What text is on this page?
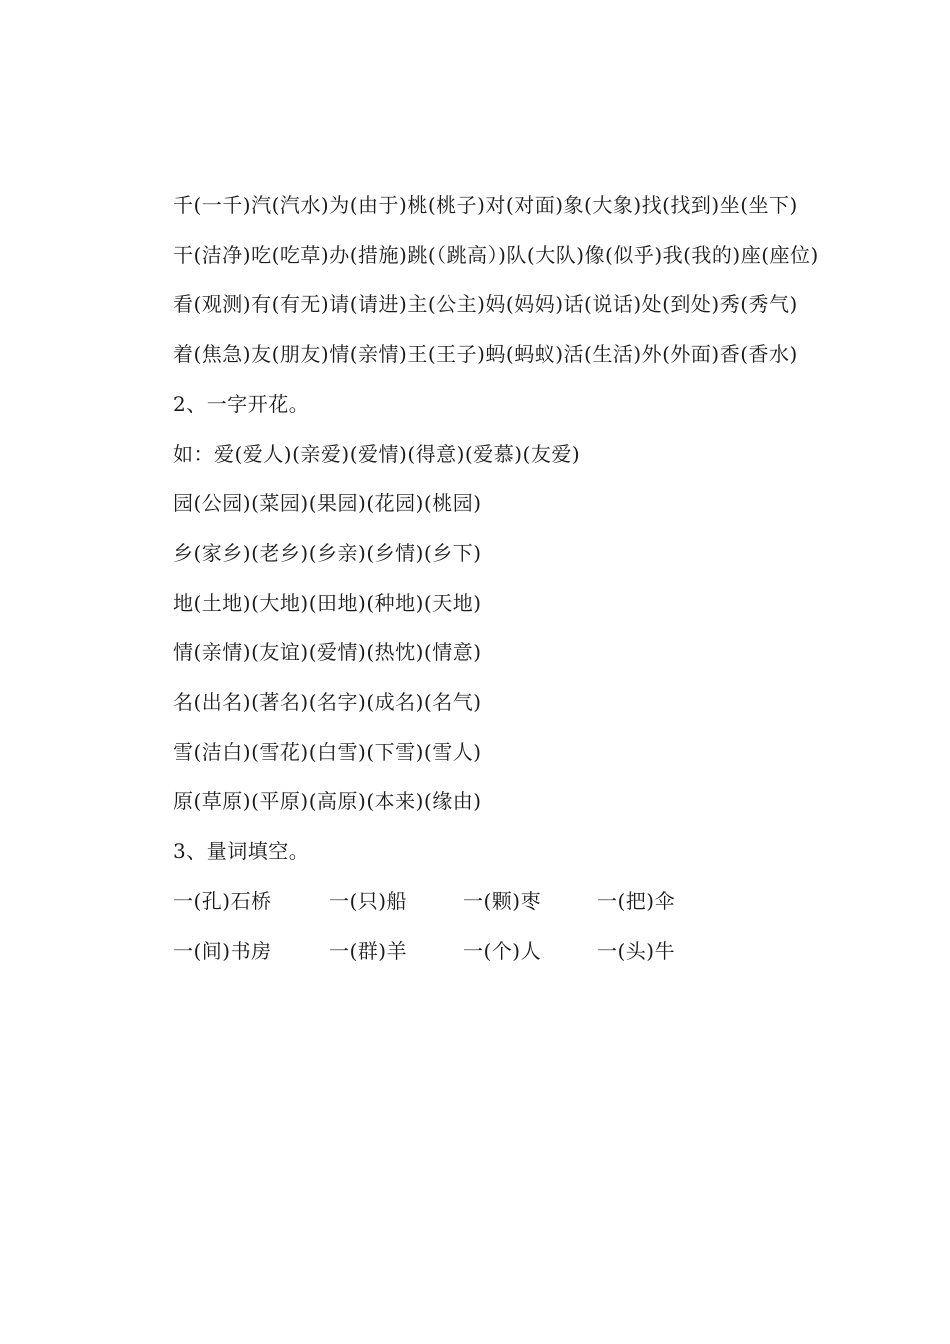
千(一千)汽(汽水)为(由于)桃(桃子)对(对面)象(大象)找(找到)坐(坐下)

干(洁净)吃(吃草)办(措施)跳(（跳高）)队(大队)像(似乎)我(我的)座(座位)

看(观测)有(有无)请(请进)主(公主)妈(妈妈)话(说话)处(到处)秀(秀气)

着(焦急)友(朋友)情(亲情)王(王子)蚂(蚂蚁)活(生活)外(外面)香(香水)

2、一字开花。

如：爱(爱人)(亲爱)(爱情)(得意)(爱慕)(友爱)

园(公园)(菜园)(果园)(花园)(桃园)

乡(家乡)(老乡)(乡亲)(乡情)(乡下)

地(土地)(大地)(田地)(种地)(天地)

情(亲情)(友谊)(爱情)(热忱)(情意)

名(出名)(著名)(名字)(成名)(名气)

雪(洁白)(雪花)(白雪)(下雪)(雪人)

原(草原)(平原)(高原)(本来)(缘由)

3、量词填空。

一(孔)石桥	一(只)船	一(颗)枣	一(把)伞
一(间)书房	一(群)羊	一(个)人	一(头)牛
